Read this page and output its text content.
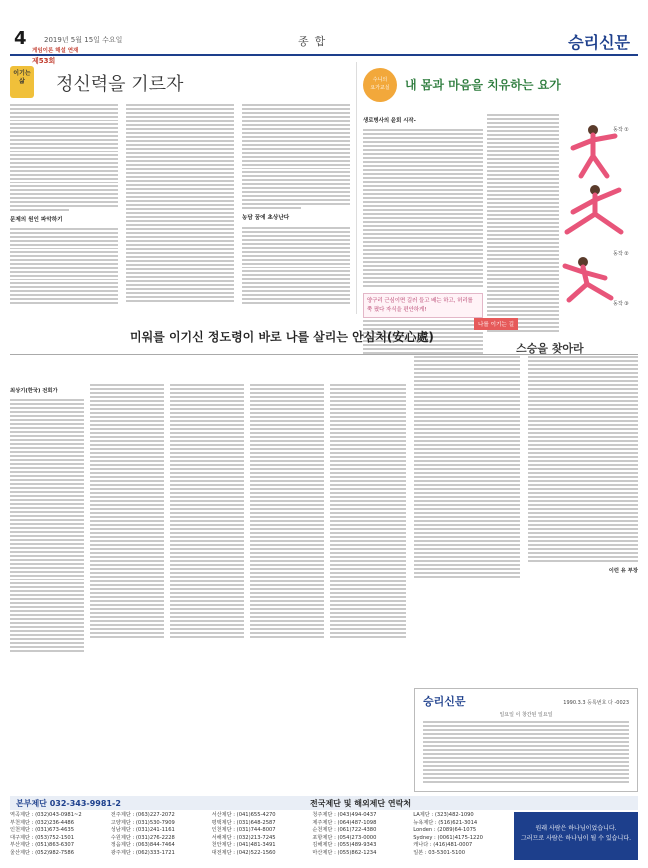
4 2019년 5월 15일 수요일	종합	승리신문
이기는
삶	정신력을 기르자
문제의 원인 파악하기	농담 꿈에 초상난다
수니의
요가교실	내 몸과 마음을 치유하는 요가
생로병사의 윤회 시작-
양구리 근심이면 길러 들고 배는 하고, 허리를 쭉 폈다 자식을 편안하게!
동작 ①
동작 ②
동작 ③
미워를 이기신 정도령이 바로 나를 살리는 안심처(安心處)
게임이론 해설 연재
제53회
나를 이기는 길
스승을 찾아라
최상기(한국) 전회가
이런 유 부장
승리신문	1990.3.3 등록번호 다 -0023
일요일 이 창간된 일요일
본부제단 032-343-9981-2	전국제단 및 해외제단 연락처
역곡제단 : (032)043-0981~2	전주제단 : (063)227-2072	서산제단 : (041)655-4270	청주제단 : (043)494-0437	LA제단 : (323)482-1090
부천제단 : (032)236-4486	고양제단 : (031)530-7909	평택제단 : (031)648-2587	제주제단 : (064)487-1098	뉴욕제단 : (516)621-3014
인천제단 : (031)673-4635	성남제단 : (031)241-1161	인천제단 : (031)744-8007	순천제단 : (061)722-4380	Londen : (2089)64-1075
대구제단 : (053)752-1501	수원제단 : (031)276-2228	서해제단 : (032)213-7245	포항제단 : (054)273-0000	Sydney : (0061)4175-1220
부산제단 : (051)863-6307	정읍제단 : (063)844-7464	천안제단 : (041)481-3491	김해제단 : (055)489-9343	캐나다 : (416)481-0007
울산제단 : (052)982-7586	광주제단 : (062)333-1721	대전제단 : (042)522-1560	마산제단 : (055)862-1234	일본 : 03-5301-5100
원래 사람은 하나님이었습니다.
그러므로 사람은 하나님이 될 수 있습니다.
